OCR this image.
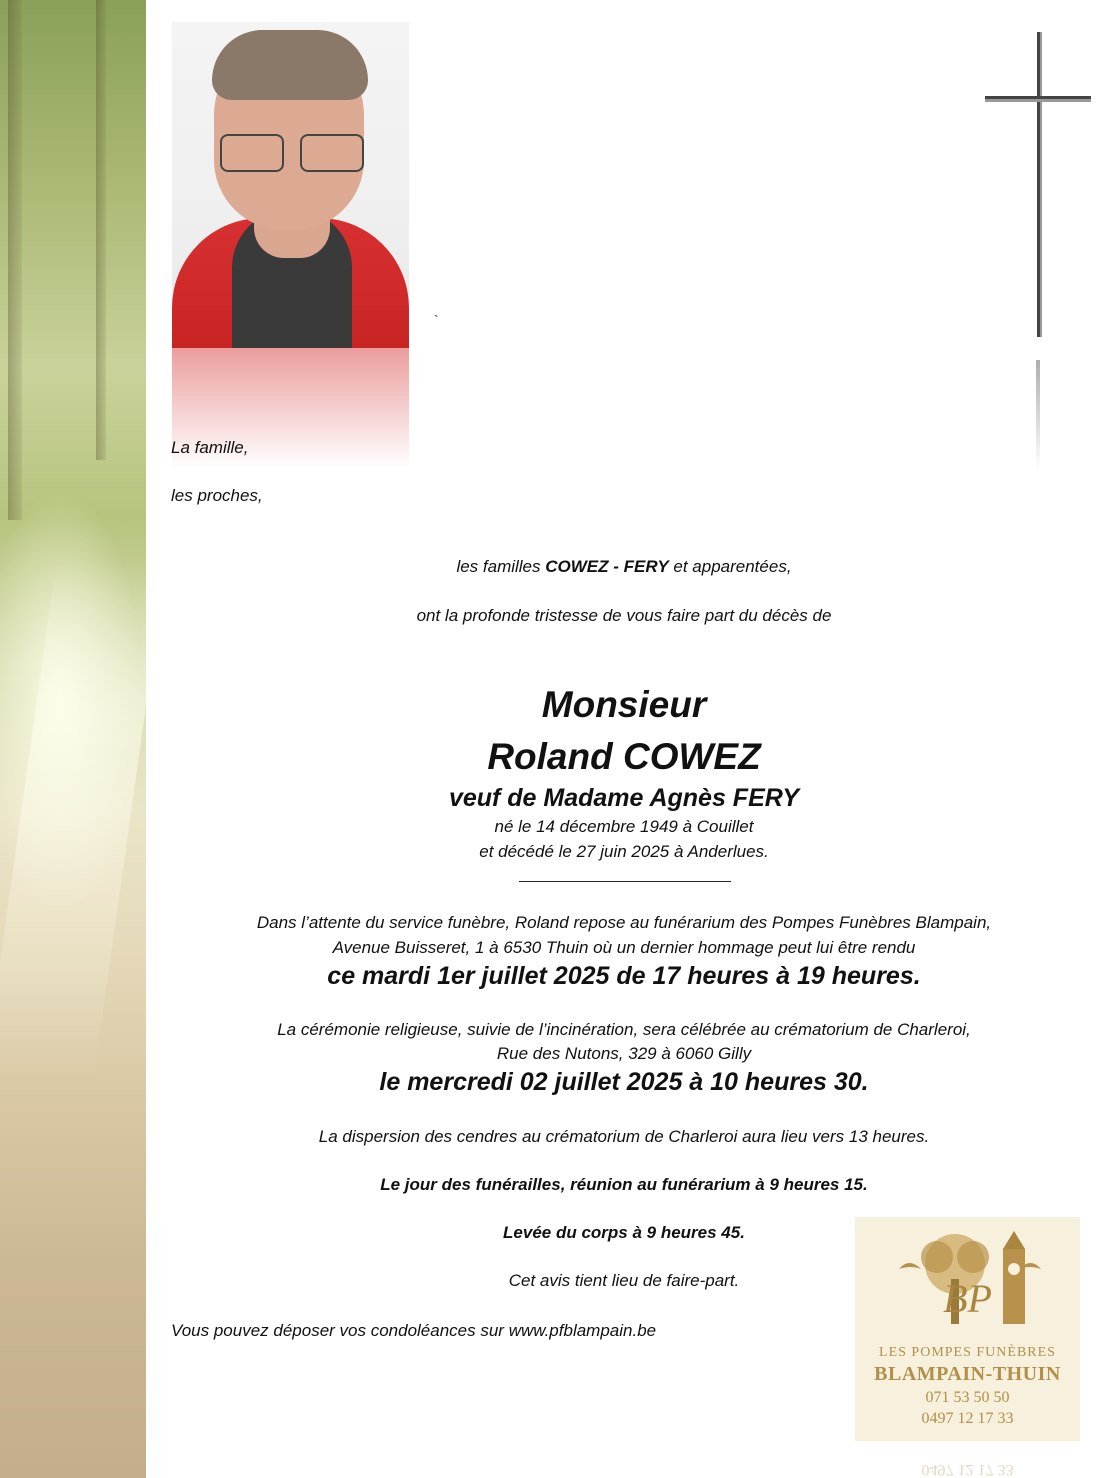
`
La famille,
les proches,
les familles COWEZ - FERY et apparentées,
ont la profonde tristesse de vous faire part du décès de
Monsieur
Roland COWEZ
veuf de Madame Agnès FERY
né le 14 décembre 1949 à Couillet
et décédé le 27 juin 2025 à Anderlues.
Dans l’attente du service funèbre, Roland repose au funérarium des Pompes Funèbres Blampain,
Avenue Buisseret, 1 à 6530 Thuin où un dernier hommage peut lui être rendu
ce mardi 1er juillet 2025 de 17 heures à 19 heures.
La cérémonie religieuse, suivie de l’incinération, sera célébrée au crématorium de Charleroi,
Rue des Nutons, 329 à 6060 Gilly
le mercredi 02 juillet 2025 à 10 heures 30.
La dispersion des cendres au crématorium de Charleroi aura lieu vers 13 heures.
Le jour des funérailles, réunion au funérarium à 9 heures 15.
Levée du corps à 9 heures 45.
Cet avis tient lieu de faire-part.
Vous pouvez déposer vos condoléances sur www.pfblampain.be
BP
LES POMPES FUNÈBRES
BLAMPAIN-THUIN
071 53 50 50
0497 12 17 33
0497 12 17 33
